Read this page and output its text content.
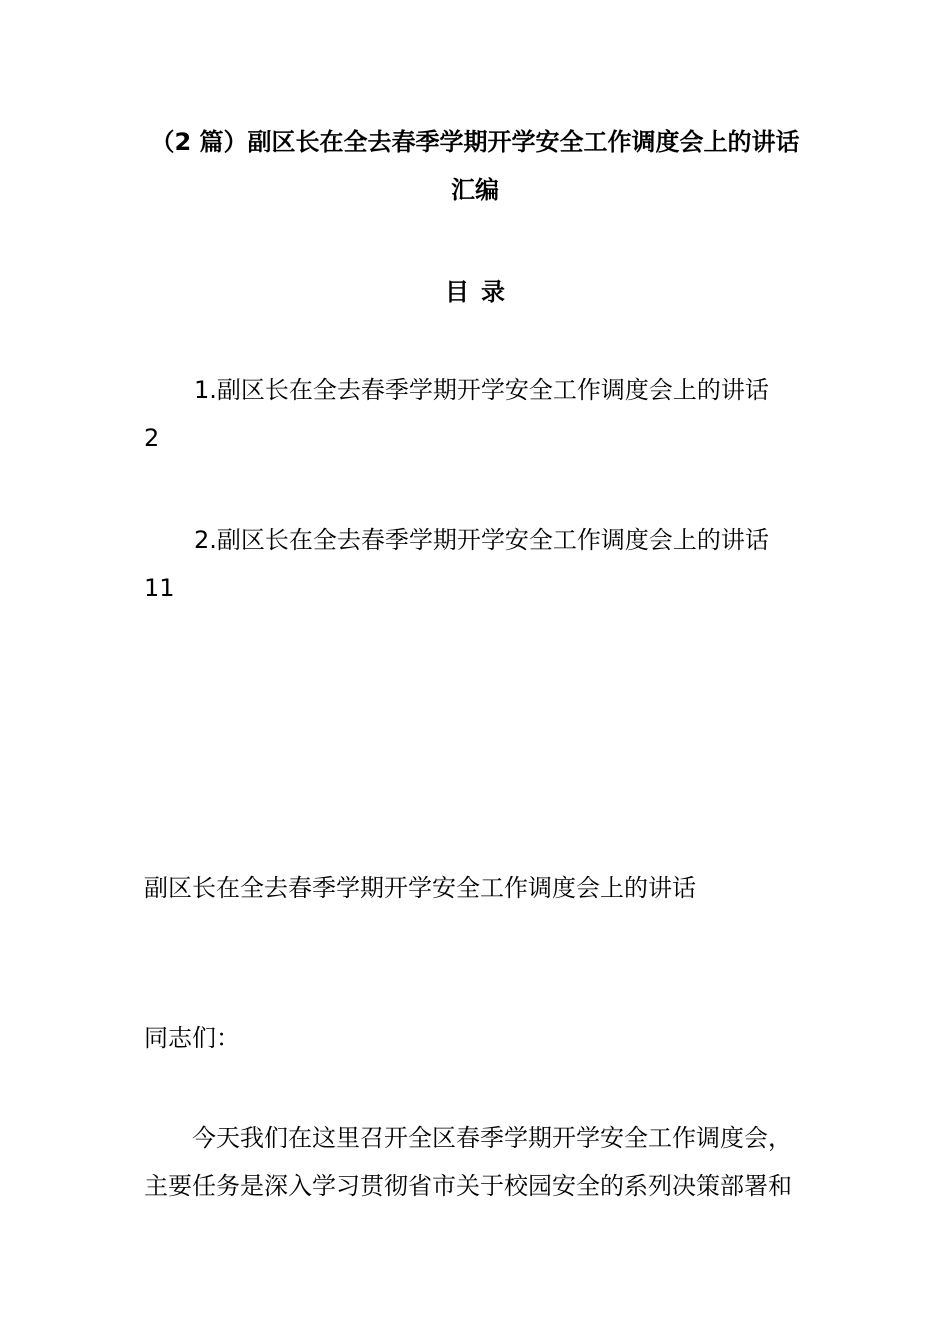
（2 篇）副区长在全去春季学期开学安全工作调度会上的讲话
汇编
目录
1.副区长在全去春季学期开学安全工作调度会上的讲话
2
2.副区长在全去春季学期开学安全工作调度会上的讲话
11
副区长在全去春季学期开学安全工作调度会上的讲话
同志们：
今天我们在这里召开全区春季学期开学安全工作调度会，
主要任务是深入学习贯彻省市关于校园安全的系列决策部署和
